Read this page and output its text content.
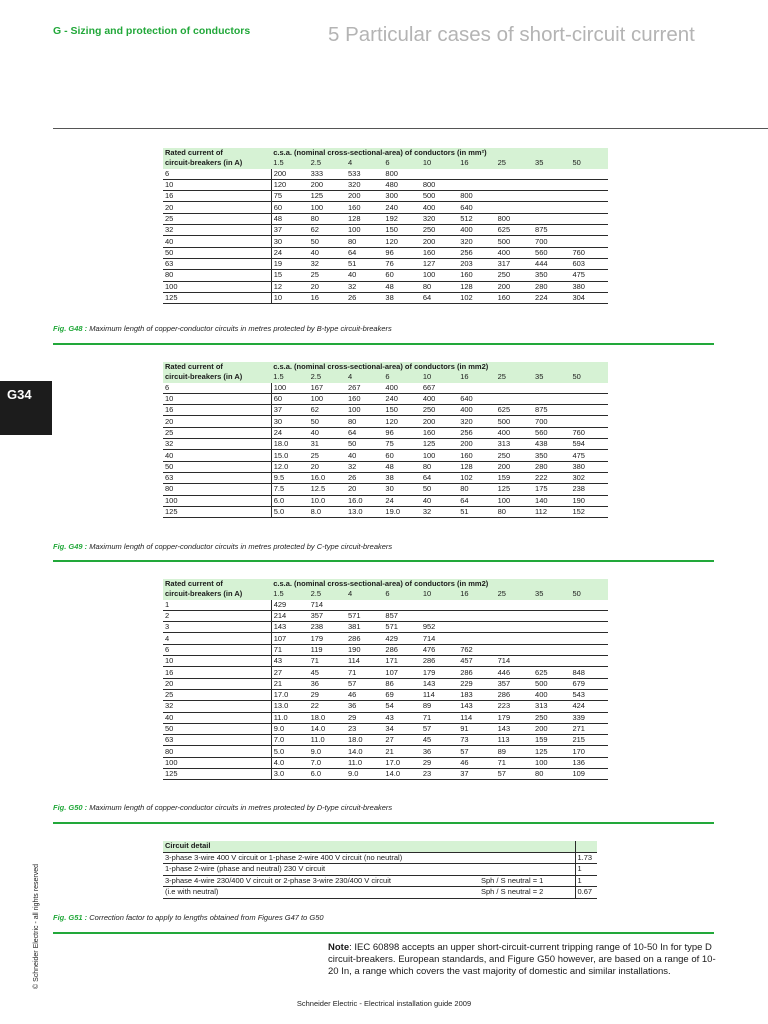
G - Sizing and protection of conductors	5 Particular cases of short-circuit current
G34
© Schneider Electric - all rights reserved
Rated current of	c.s.a. (nominal cross-sectional-area) of conductors (in mm²)								
circuit-breakers (in A)	1.5	2.5	4	6	10	16	25	35	50
6	200	333	533	800					
10	120	200	320	480	800				
16	75	125	200	300	500	800			
20	60	100	160	240	400	640			
25	48	80	128	192	320	512	800		
32	37	62	100	150	250	400	625	875	
40	30	50	80	120	200	320	500	700	
50	24	40	64	96	160	256	400	560	760
63	19	32	51	76	127	203	317	444	603
80	15	25	40	60	100	160	250	350	475
100	12	20	32	48	80	128	200	280	380
125	10	16	26	38	64	102	160	224	304
Fig. G48 : Maximum length of copper-conductor circuits in metres protected by B-type circuit-breakers
Rated current of	c.s.a. (nominal cross-sectional-area) of conductors (in mm2)								
circuit-breakers (in A)	1.5	2.5	4	6	10	16	25	35	50
6	100	167	267	400	667				
10	60	100	160	240	400	640			
16	37	62	100	150	250	400	625	875	
20	30	50	80	120	200	320	500	700	
25	24	40	64	96	160	256	400	560	760
32	18.0	31	50	75	125	200	313	438	594
40	15.0	25	40	60	100	160	250	350	475
50	12.0	20	32	48	80	128	200	280	380
63	9.5	16.0	26	38	64	102	159	222	302
80	7.5	12.5	20	30	50	80	125	175	238
100	6.0	10.0	16.0	24	40	64	100	140	190
125	5.0	8.0	13.0	19.0	32	51	80	112	152
Fig. G49 : Maximum length of copper-conductor circuits in metres protected by C-type circuit-breakers
Rated current of	c.s.a. (nominal cross-sectional-area) of conductors (in mm2)								
circuit-breakers (in A)	1.5	2.5	4	6	10	16	25	35	50
1	429	714							
2	214	357	571	857					
3	143	238	381	571	952				
4	107	179	286	429	714				
6	71	119	190	286	476	762			
10	43	71	114	171	286	457	714		
16	27	45	71	107	179	286	446	625	848
20	21	36	57	86	143	229	357	500	679
25	17.0	29	46	69	114	183	286	400	543
32	13.0	22	36	54	89	143	223	313	424
40	11.0	18.0	29	43	71	114	179	250	339
50	9.0	14.0	23	34	57	91	143	200	271
63	7.0	11.0	18.0	27	45	73	113	159	215
80	5.0	9.0	14.0	21	36	57	89	125	170
100	4.0	7.0	11.0	17.0	29	46	71	100	136
125	3.0	6.0	9.0	14.0	23	37	57	80	109
Fig. G50 : Maximum length of copper-conductor circuits in metres protected by D-type circuit-breakers
Circuit detail		
3-phase 3-wire 400 V circuit or 1-phase 2-wire 400 V circuit (no neutral)		1.73
1-phase 2-wire (phase and neutral) 230 V circuit		1
3-phase 4-wire 230/400 V circuit or 2-phase 3-wire 230/400 V circuit	Sph / S neutral = 1	1
(i.e with neutral)	Sph / S neutral = 2	0.67
Fig. G51 : Correction factor to apply to lengths obtained from Figures G47 to G50
Note: IEC 60898 accepts an upper short-circuit-current tripping range of 10-50 In for type D circuit-breakers. European standards, and Figure G50 however, are based on a range of 10-20 In, a range which covers the vast majority of domestic and similar installations.
Schneider Electric - Electrical installation guide 2009
